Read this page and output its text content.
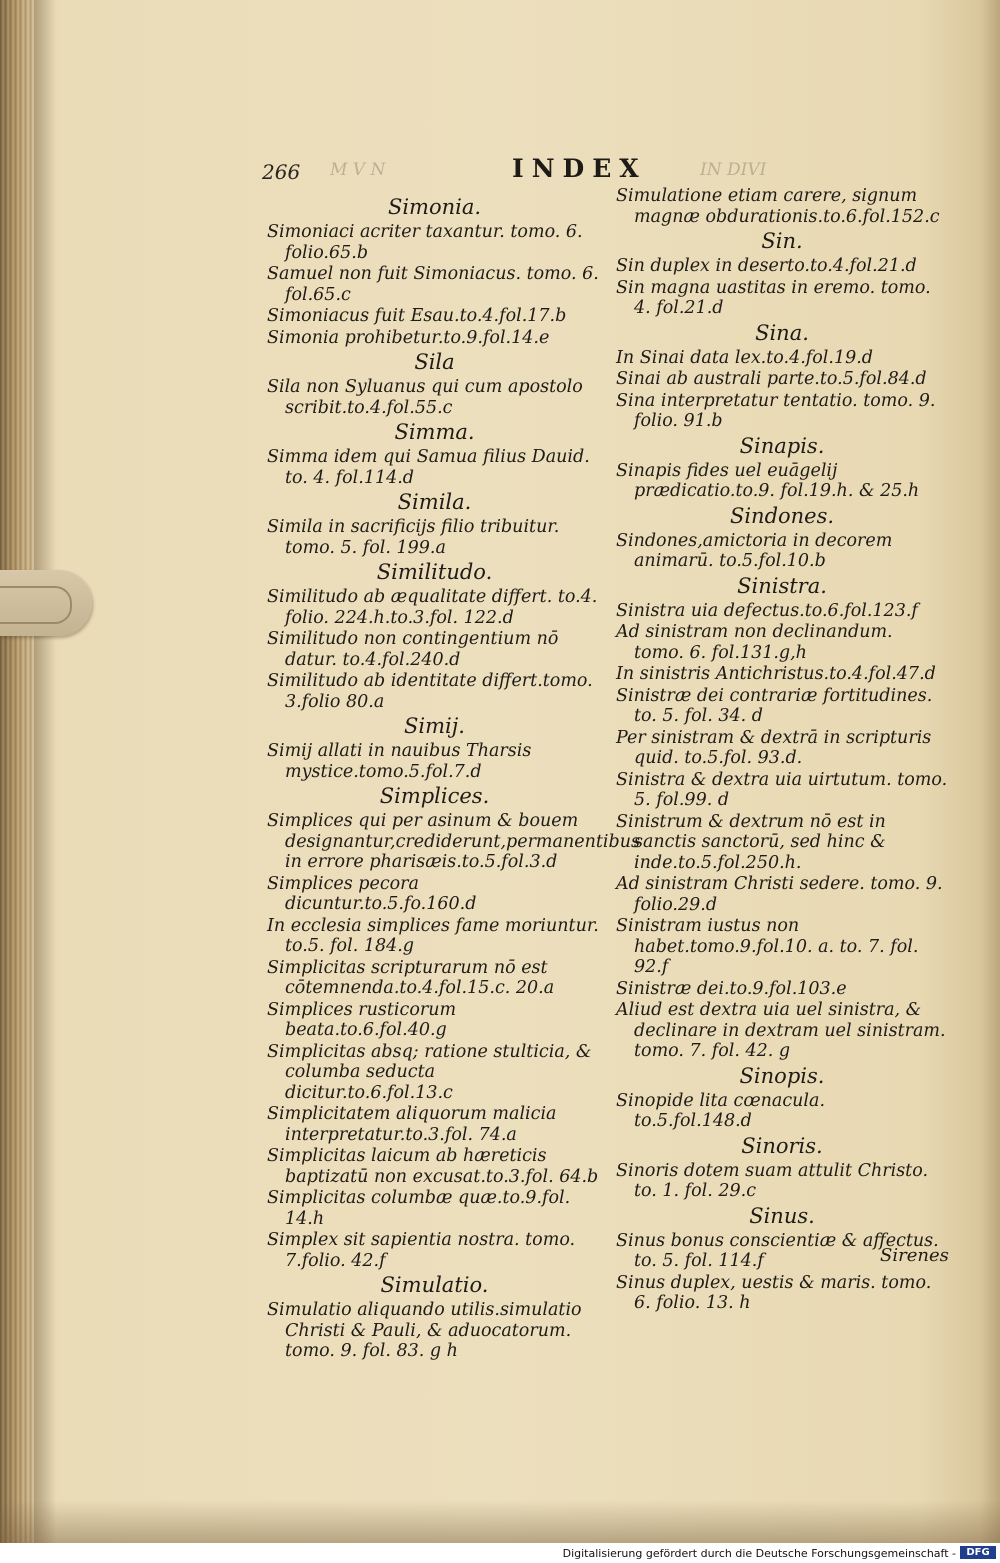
266 M V N	INDEX	IN DIVI
Simonia.
Simoniaci acriter taxantur. tomo. 6. folio.65.b
Samuel non fuit Simoniacus. tomo. 6. fol.65.c
Simoniacus fuit Esau.to.4.fol.17.b
Simonia prohibetur.to.9.fol.14.e
Sila
Sila non Syluanus qui cum apostolo scribit.to.4.fol.55.c
Simma.
Simma idem qui Samua filius Dauid. to. 4. fol.114.d
Simila.
Simila in sacrificijs filio tribuitur. tomo. 5. fol. 199.a
Similitudo.
Similitudo ab æqualitate differt. to.4. folio. 224.h.to.3.fol. 122.d
Similitudo non contingentium nō datur. to.4.fol.240.d
Similitudo ab identitate differt.tomo. 3.folio 80.a
Simij.
Simij allati in nauibus Tharsis mystice.tomo.5.fol.7.d
Simplices.
Simplices qui per asinum & bouem designantur,crediderunt,permanentibus in errore pharisæis.to.5.fol.3.d
Simplices pecora dicuntur.to.5.fo.160.d
In ecclesia simplices fame moriuntur. to.5. fol. 184.g
Simplicitas scripturarum nō est cōtemnenda.to.4.fol.15.c. 20.a
Simplices rusticorum beata.to.6.fol.40.g
Simplicitas absq; ratione stulticia, & columba seducta dicitur.to.6.fol.13.c
Simplicitatem aliquorum malicia interpretatur.to.3.fol. 74.a
Simplicitas laicum ab hæreticis baptizatū non excusat.to.3.fol. 64.b
Simplicitas columbæ quæ.to.9.fol. 14.h
Simplex sit sapientia nostra. tomo. 7.folio. 42.f
Simulatio.
Simulatio aliquando utilis.simulatio Christi & Pauli, & aduocatorum. tomo. 9. fol. 83. g h
Simulatione etiam carere, signum magnæ obdurationis.to.6.fol.152.c
Sin.
Sin duplex in deserto.to.4.fol.21.d
Sin magna uastitas in eremo. tomo. 4. fol.21.d
Sina.
In Sinai data lex.to.4.fol.19.d
Sinai ab australi parte.to.5.fol.84.d
Sina interpretatur tentatio. tomo. 9. folio. 91.b
Sinapis.
Sinapis fides uel euāgelij prædicatio.to.9. fol.19.h. & 25.h
Sindones.
Sindones,amictoria in decorem animarū. to.5.fol.10.b
Sinistra.
Sinistra uia defectus.to.6.fol.123.f
Ad sinistram non declinandum. tomo. 6. fol.131.g,h
In sinistris Antichristus.to.4.fol.47.d
Sinistræ dei contrariæ fortitudines. to. 5. fol. 34. d
Per sinistram & dextrā in scripturis quid. to.5.fol. 93.d.
Sinistra & dextra uia uirtutum. tomo. 5. fol.99. d
Sinistrum & dextrum nō est in sanctis sanctorū, sed hinc & inde.to.5.fol.250.h.
Ad sinistram Christi sedere. tomo. 9. folio.29.d
Sinistram iustus non habet.tomo.9.fol.10. a. to. 7. fol. 92.f
Sinistræ dei.to.9.fol.103.e
Aliud est dextra uia uel sinistra, & declinare in dextram uel sinistram. tomo. 7. fol. 42. g
Sinopis.
Sinopide lita cœnacula. to.5.fol.148.d
Sinoris.
Sinoris dotem suam attulit Christo. to. 1. fol. 29.c
Sinus.
Sinus bonus conscientiæ & affectus. to. 5. fol. 114.f
Sinus duplex, uestis & maris. tomo. 6. folio. 13. h
Sirenes
Digitalisierung gefördert durch die Deutsche Forschungsgemeinschaft -	DFG
